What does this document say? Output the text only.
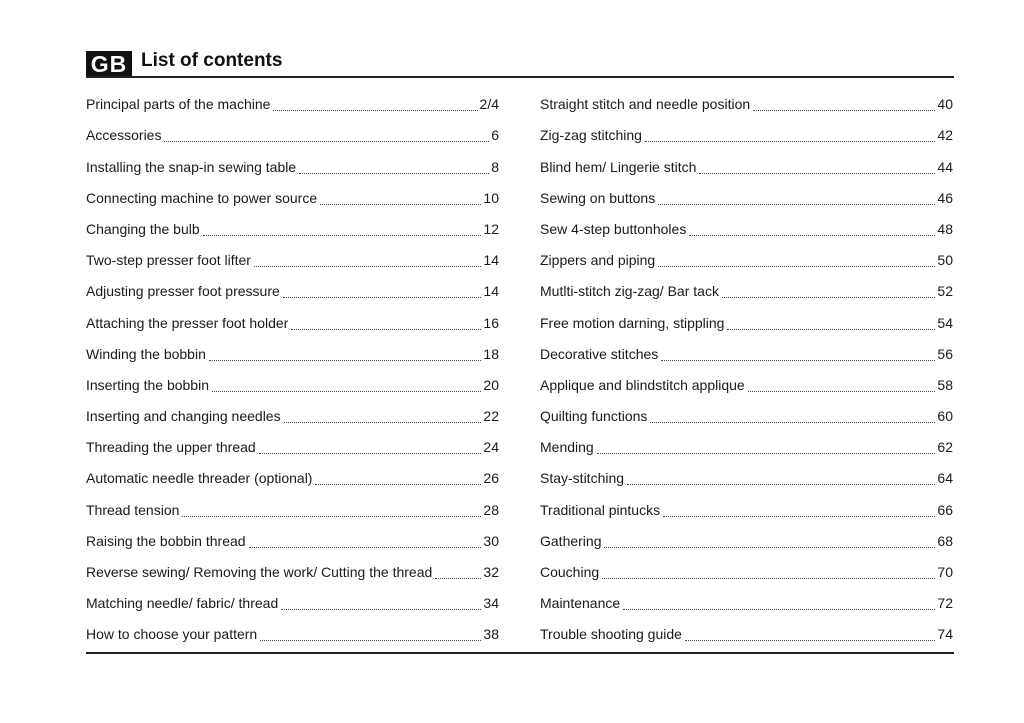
GB List of contents
Principal parts of the machine	2/4
Accessories	6
Installing the snap-in sewing table	8
Connecting machine to power source	10
Changing the bulb	12
Two-step presser foot lifter	14
Adjusting presser foot pressure	14
Attaching the presser foot holder	16
Winding the bobbin	18
Inserting the bobbin	20
Inserting and changing needles	22
Threading the upper thread	24
Automatic needle threader (optional)	26
Thread tension	28
Raising the bobbin thread	30
Reverse sewing/ Removing the work/ Cutting the thread	32
Matching needle/ fabric/ thread	34
How to choose your pattern	38
Straight stitch and needle position	40
Zig-zag stitching	42
Blind hem/ Lingerie stitch	44
Sewing on buttons	46
Sew 4-step buttonholes	48
Zippers and piping	50
Mutlti-stitch zig-zag/ Bar tack	52
Free motion darning, stippling	54
Decorative stitches	56
Applique and blindstitch applique	58
Quilting functions	60
Mending	62
Stay-stitching	64
Traditional pintucks	66
Gathering	68
Couching	70
Maintenance	72
Trouble shooting guide	74
